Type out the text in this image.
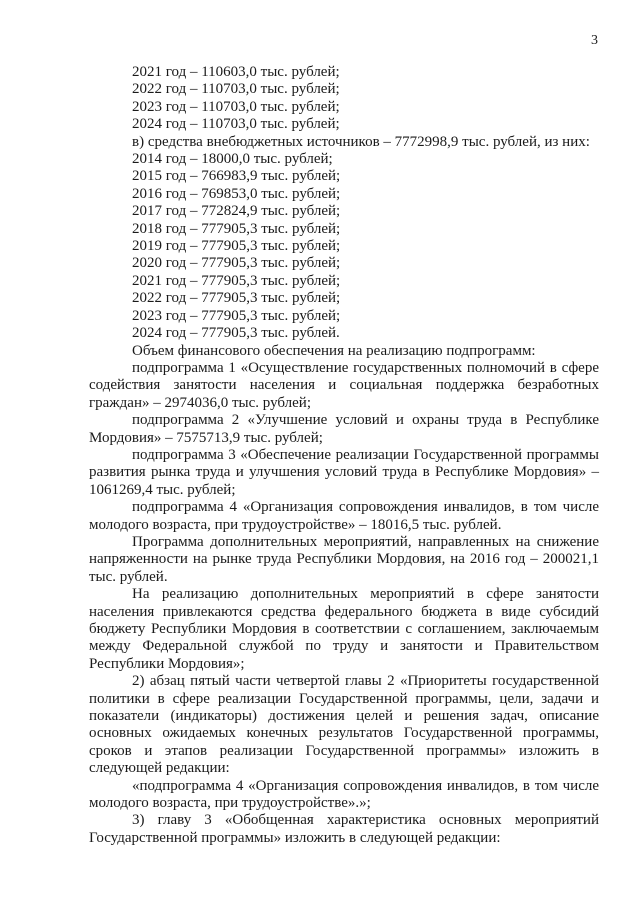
3
2021 год – 110603,0 тыс. рублей;
2022 год – 110703,0 тыс. рублей;
2023 год – 110703,0 тыс. рублей;
2024 год – 110703,0 тыс. рублей;
в) средства внебюджетных источников – 7772998,9 тыс. рублей, из них:
2014 год – 18000,0 тыс. рублей;
2015 год – 766983,9 тыс. рублей;
2016 год – 769853,0 тыс. рублей;
2017 год – 772824,9 тыс. рублей;
2018 год – 777905,3 тыс. рублей;
2019 год – 777905,3 тыс. рублей;
2020 год – 777905,3 тыс. рублей;
2021 год – 777905,3 тыс. рублей;
2022 год – 777905,3 тыс. рублей;
2023 год – 777905,3 тыс. рублей;
2024 год – 777905,3 тыс. рублей.
Объем финансового обеспечения на реализацию подпрограмм:

подпрограмма 1 «Осуществление государственных полномочий в сфере содействия занятости населения и социальная поддержка безработных граждан» – 2974036,0 тыс. рублей;

подпрограмма 2 «Улучшение условий и охраны труда в Республике Мордовия» – 7575713,9 тыс. рублей;

подпрограмма 3 «Обеспечение реализации Государственной программы развития рынка труда и улучшения условий труда в Республике Мордовия» – 1061269,4 тыс. рублей;

подпрограмма 4 «Организация сопровождения инвалидов, в том числе молодого возраста, при трудоустройстве» – 18016,5 тыс. рублей.

Программа дополнительных мероприятий, направленных на снижение напряженности на рынке труда Республики Мордовия, на 2016 год – 200021,1 тыс. рублей.

На реализацию дополнительных мероприятий в сфере занятости населения привлекаются средства федерального бюджета в виде субсидий бюджету Республики Мордовия в соответствии с соглашением, заключаемым между Федеральной службой по труду и занятости и Правительством Республики Мордовия»;

2) абзац пятый части четвертой главы 2 «Приоритеты государственной политики в сфере реализации Государственной программы, цели, задачи и показатели (индикаторы) достижения целей и решения задач, описание основных ожидаемых конечных результатов Государственной программы, сроков и этапов реализации Государственной программы» изложить в следующей редакции:

«подпрограмма 4 «Организация сопровождения инвалидов, в том числе молодого возраста, при трудоустройстве».»;

3) главу 3 «Обобщенная характеристика основных мероприятий Государственной программы» изложить в следующей редакции:
